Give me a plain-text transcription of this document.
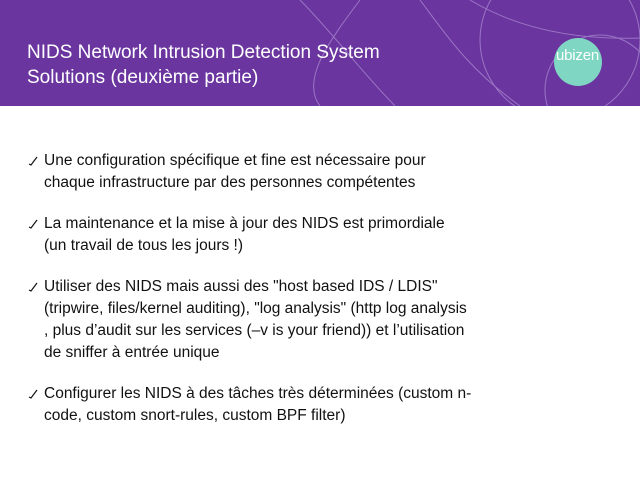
NIDS Network Intrusion Detection System
Solutions (deuxième partie)
ubizen
Une configuration spécifique et fine est nécessaire pour
chaque infrastructure par des personnes compétentes
La maintenance et la mise à jour des NIDS est primordiale
(un travail de tous les jours !)
Utiliser des NIDS mais aussi des "host based IDS / LDIS"
(tripwire, files/kernel auditing), "log analysis" (http log analysis
, plus d’audit sur les services (–v is your friend)) et l’utilisation
de sniffer à entrée unique
Configurer les NIDS à des tâches très déterminées (custom n-
code, custom snort-rules, custom BPF filter)
